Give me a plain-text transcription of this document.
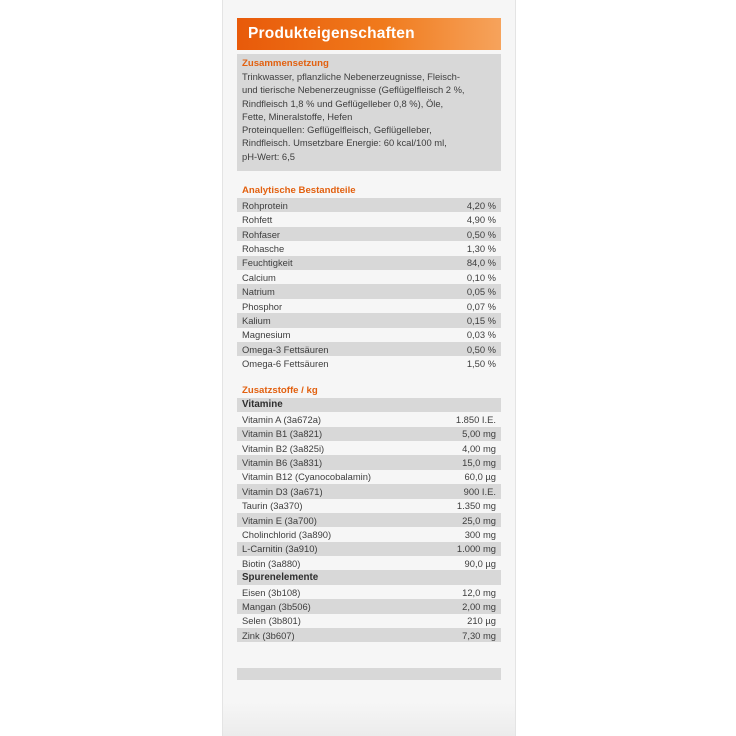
Produkteigenschaften
Zusammensetzung
Trinkwasser, pflanzliche Nebenerzeugnisse, Fleisch-
und tierische Nebenerzeugnisse (Geflügelfleisch 2 %,
Rindfleisch 1,8 % und Geflügelleber 0,8 %), Öle,
Fette, Mineralstoffe, Hefen
Proteinquellen: Geflügelfleisch, Geflügelleber,
Rindfleisch. Umsetzbare Energie: 60 kcal/100 ml,
pH-Wert: 6,5
Analytische Bestandteile
Rohprotein	4,20 %
Rohfett	4,90 %
Rohfaser	0,50 %
Rohasche	1,30 %
Feuchtigkeit	84,0 %
Calcium	0,10 %
Natrium	0,05 %
Phosphor	0,07 %
Kalium	0,15 %
Magnesium	0,03 %
Omega-3 Fettsäuren	0,50 %
Omega-6 Fettsäuren	1,50 %
Zusatzstoffe / kg
Vitamine
Vitamin A (3a672a)	1.850 I.E.
Vitamin B1 (3a821)	5,00 mg
Vitamin B2 (3a825i)	4,00 mg
Vitamin B6 (3a831)	15,0 mg
Vitamin B12 (Cyanocobalamin)	60,0 µg
Vitamin D3 (3a671)	900 I.E.
Taurin (3a370)	1.350 mg
Vitamin E (3a700)	25,0 mg
Cholinchlorid (3a890)	300 mg
L-Carnitin (3a910)	1.000 mg
Biotin (3a880)	90,0 µg
Spurenelemente
Eisen (3b108)	12,0 mg
Mangan (3b506)	2,00 mg
Selen (3b801)	210 µg
Zink (3b607)	7,30 mg
